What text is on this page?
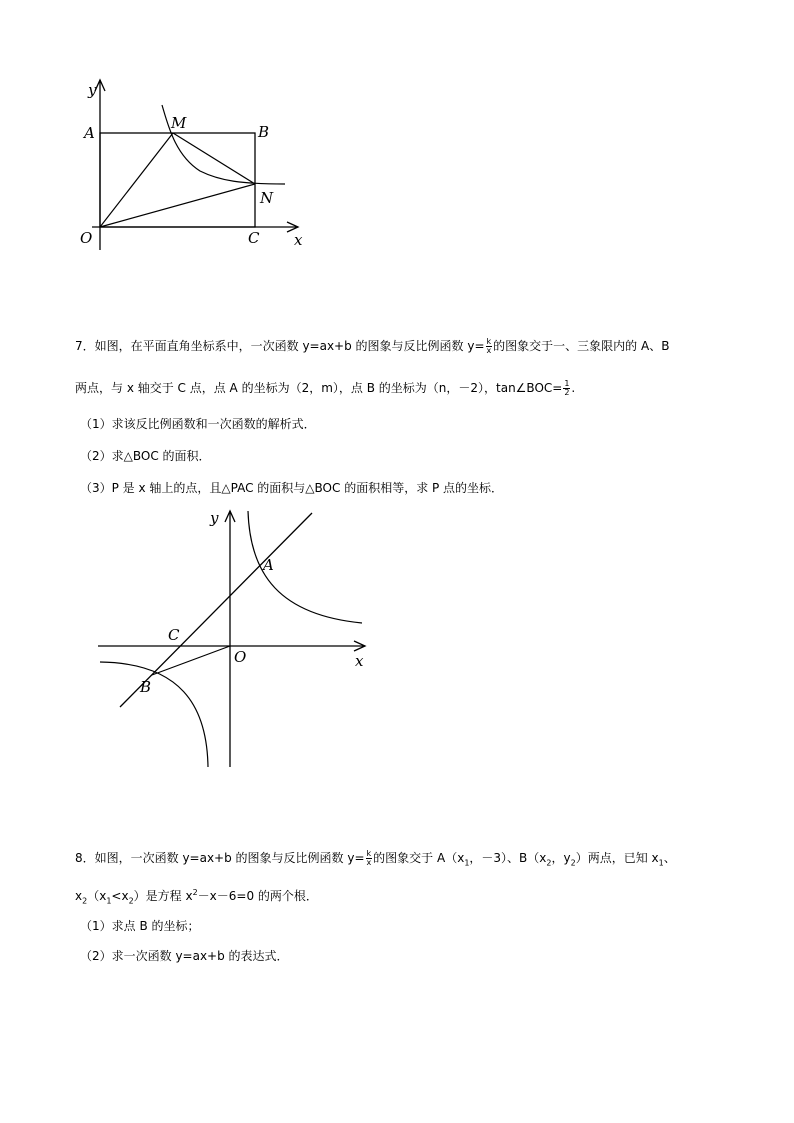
y
A
M	B
N
O	C x
7．如图，在平面直角坐标系中，一次函数 y=ax+b 的图象与反比例函数 $y= \frac{k}{x}$ 的图象交于一、三象限内的 A、B
两点，与 x 轴交于 C 点，点 A 的坐标为（2，m），点 B 的坐标为（n，－2），tan∠BOC= $\frac{1}{2}$ .
（1）求该反比例函数和一次函数的解析式．
（2）求△BOC 的面积．
（3）P 是 x 轴上的点，且△PAC 的面积与△BOC 的面积相等，求 P 点的坐标．
y
A
C
O	x
B
8．如图，一次函数 y=ax+b 的图象与反比例函数 $y= \frac{k}{x}$ 的图象交于 $A(x_1$，－3）、$B(x_2$，$y_2$）两点，已知 $x_1$、
$x_2(x_1<x_2)$是方程 $x^2-x-6=0$ 的两个根．
（1）求点 B 的坐标；
（2）求一次函数 y=ax+b 的表达式．
